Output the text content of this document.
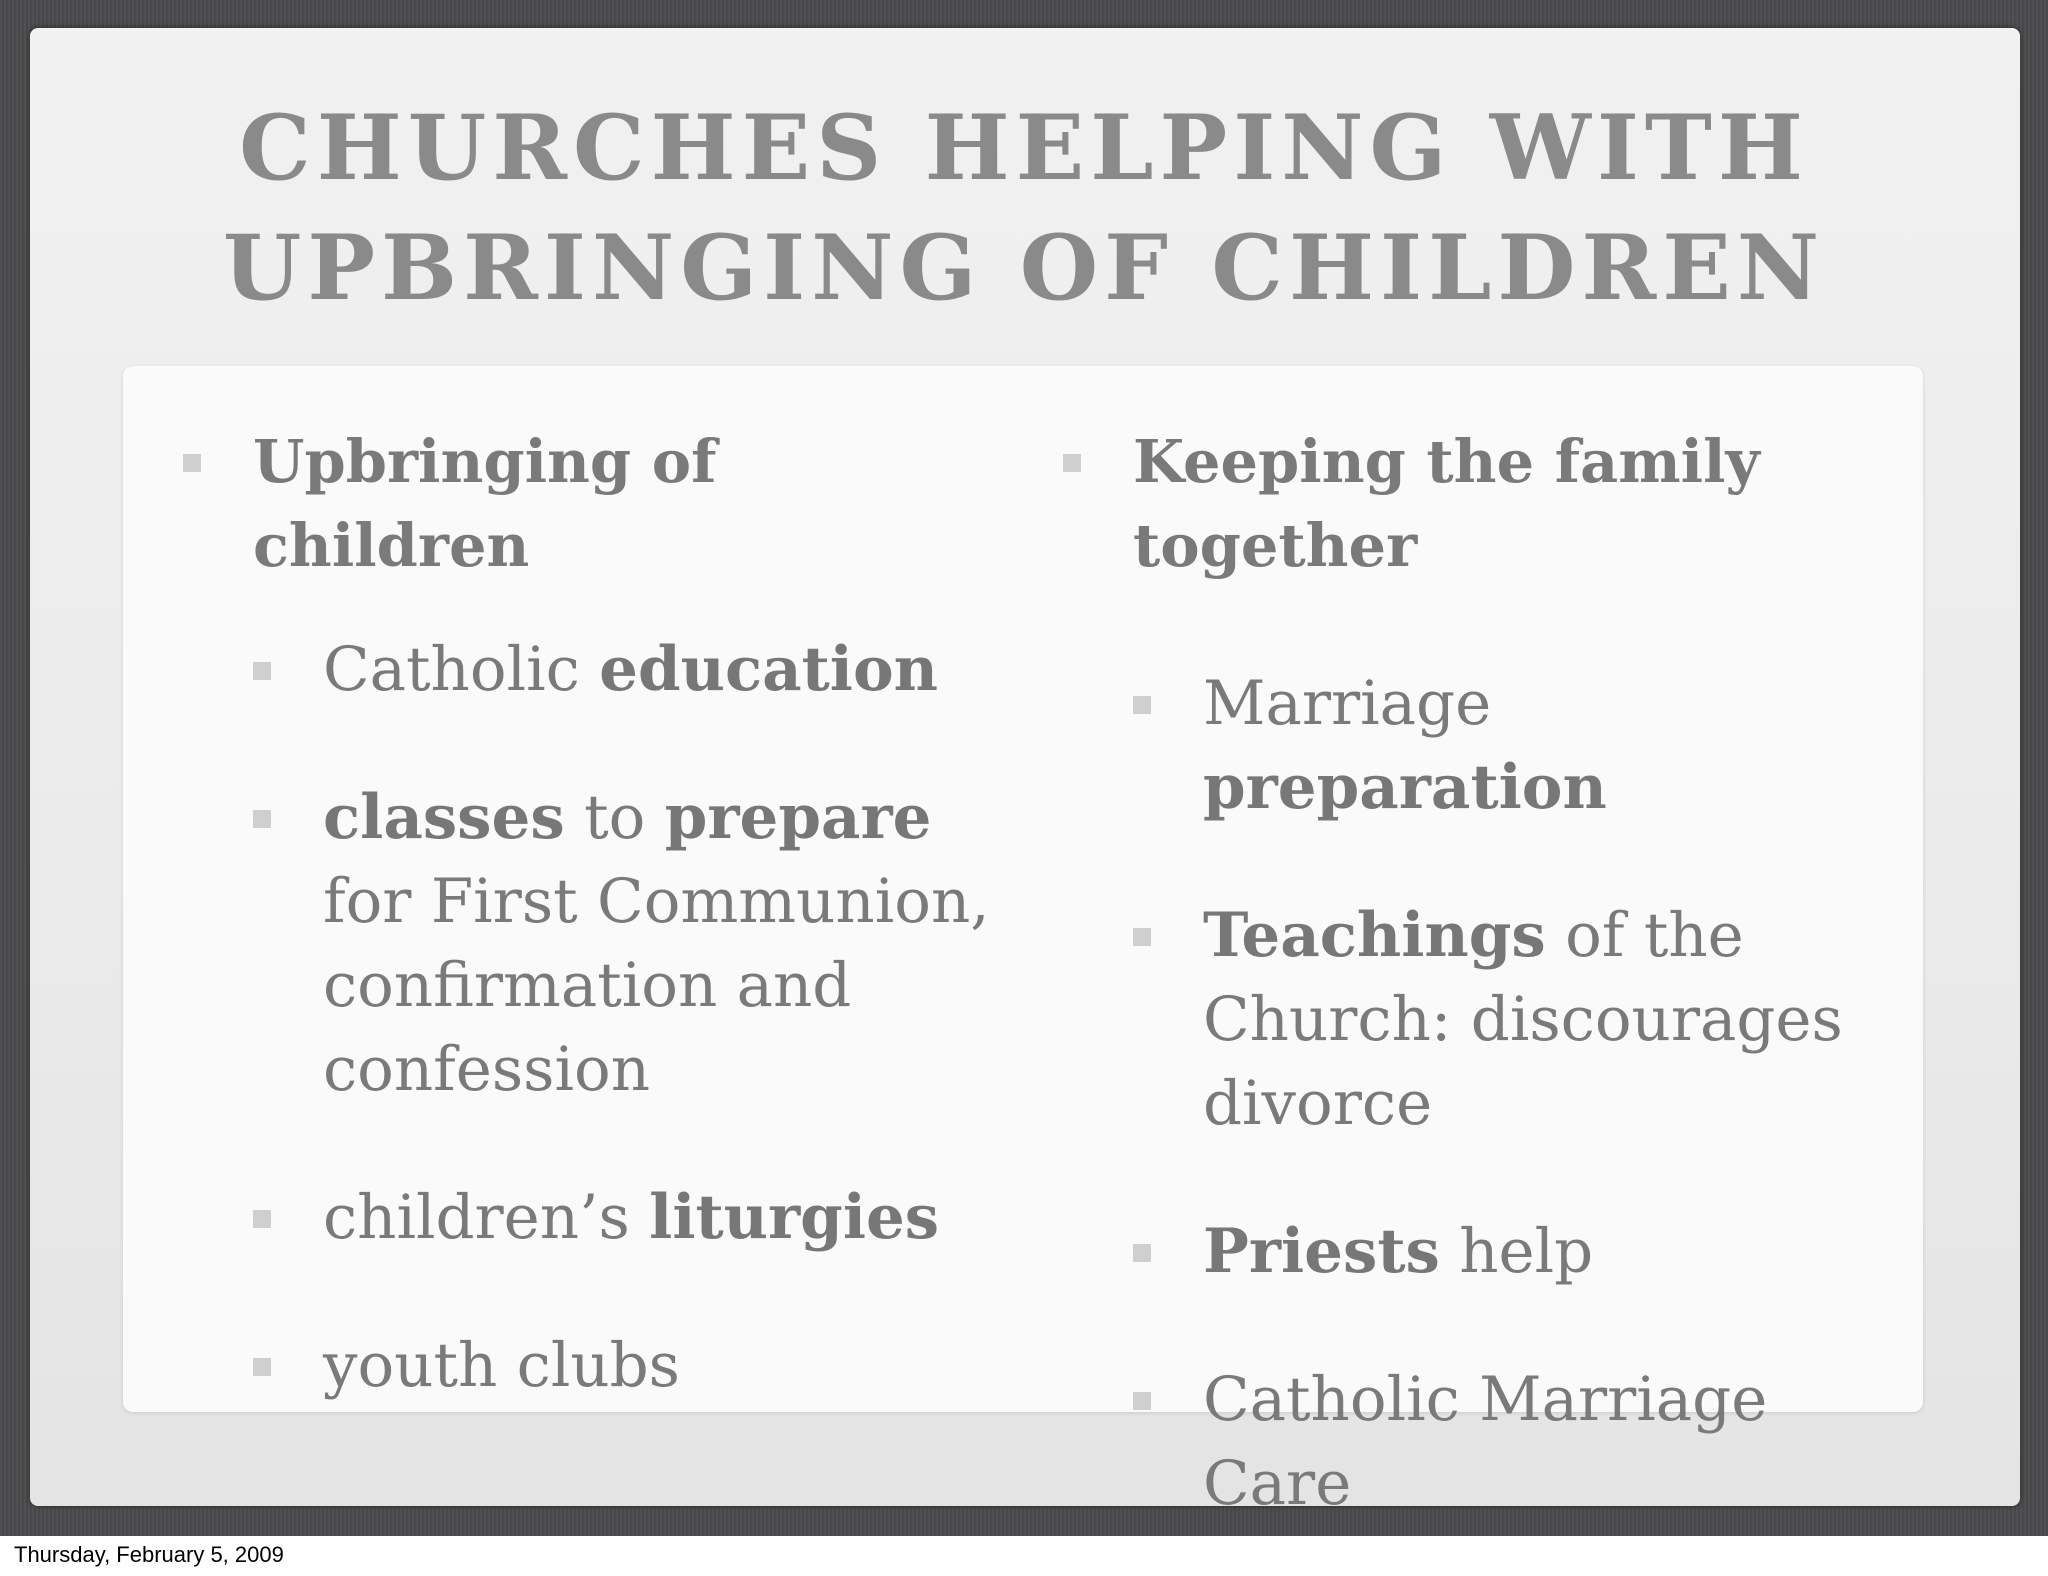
CHURCHES HELPING WITH
UPBRINGING OF CHILDREN
Upbringing of children
Catholic education
classes to prepare for First Communion, confirmation and confession
children’s liturgies
youth clubs
Keeping the family together
Marriage preparation
Teachings of the Church: discourages divorce
Priests help
Catholic Marriage Care
Thursday, February 5, 2009
